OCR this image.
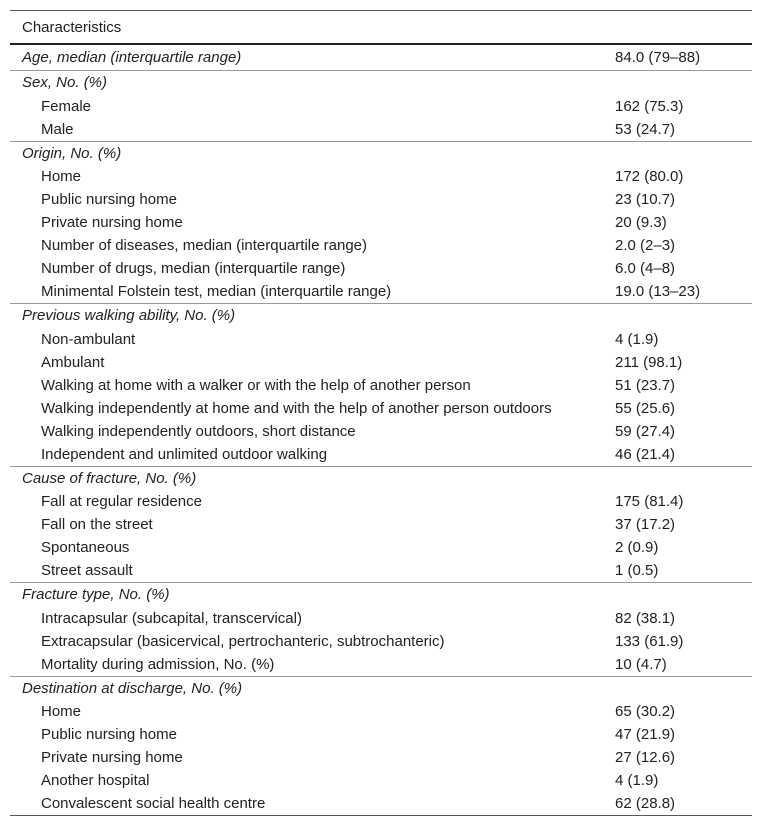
Characteristics
Age, median (interquartile range)	84.0 (79–88)
Sex, No. (%)
Female	162 (75.3)
Male	53 (24.7)
Origin, No. (%)
Home	172 (80.0)
Public nursing home	23 (10.7)
Private nursing home	20 (9.3)
Number of diseases, median (interquartile range)	2.0 (2–3)
Number of drugs, median (interquartile range)	6.0 (4–8)
Minimental Folstein test, median (interquartile range)	19.0 (13–23)
Previous walking ability, No. (%)
Non-ambulant	4 (1.9)
Ambulant	211 (98.1)
Walking at home with a walker or with the help of another person	51 (23.7)
Walking independently at home and with the help of another person outdoors	55 (25.6)
Walking independently outdoors, short distance	59 (27.4)
Independent and unlimited outdoor walking	46 (21.4)
Cause of fracture, No. (%)
Fall at regular residence	175 (81.4)
Fall on the street	37 (17.2)
Spontaneous	2 (0.9)
Street assault	1 (0.5)
Fracture type, No. (%)
Intracapsular (subcapital, transcervical)	82 (38.1)
Extracapsular (basicervical, pertrochanteric, subtrochanteric)	133 (61.9)
Mortality during admission, No. (%)	10 (4.7)
Destination at discharge, No. (%)
Home	65 (30.2)
Public nursing home	47 (21.9)
Private nursing home	27 (12.6)
Another hospital	4 (1.9)
Convalescent social health centre	62 (28.8)
